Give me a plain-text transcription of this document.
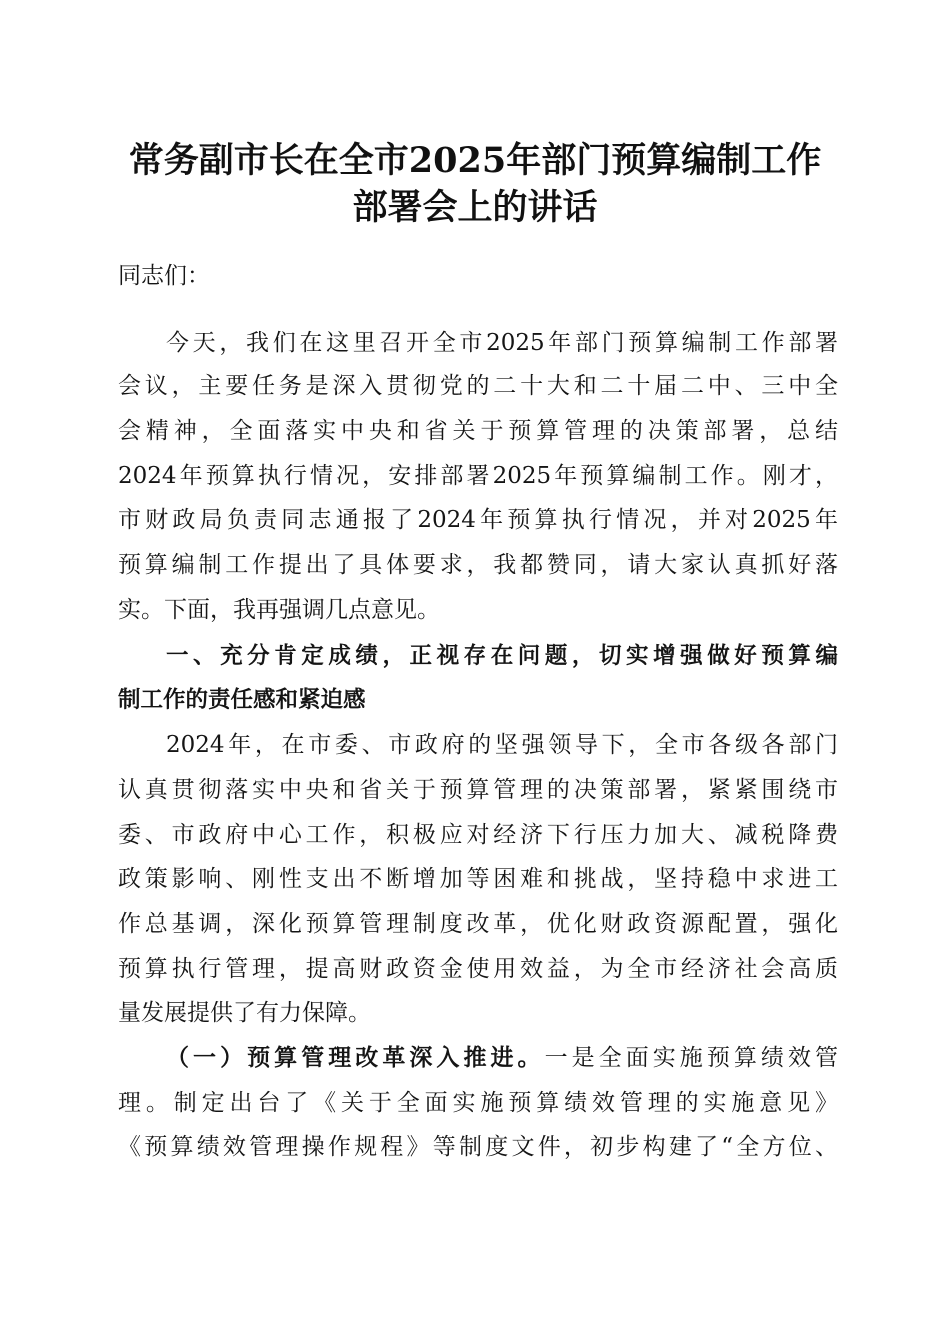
常务副市长在全市2025年部门预算编制工作
部署会上的讲话
同志们：
今天，我们在这里召开全市2025年部门预算编制工作部署
会议，主要任务是深入贯彻党的二十大和二十届二中、三中全
会精神，全面落实中央和省关于预算管理的决策部署，总结
2024年预算执行情况，安排部署2025年预算编制工作。刚才，
市财政局负责同志通报了2024年预算执行情况，并对2025年
预算编制工作提出了具体要求，我都赞同，请大家认真抓好落
实。下面，我再强调几点意见。
一、充分肯定成绩，正视存在问题，切实增强做好预算编
制工作的责任感和紧迫感
2024年，在市委、市政府的坚强领导下，全市各级各部门
认真贯彻落实中央和省关于预算管理的决策部署，紧紧围绕市
委、市政府中心工作，积极应对经济下行压力加大、减税降费
政策影响、刚性支出不断增加等困难和挑战，坚持稳中求进工
作总基调，深化预算管理制度改革，优化财政资源配置，强化
预算执行管理，提高财政资金使用效益，为全市经济社会高质
量发展提供了有力保障。
（一）预算管理改革深入推进。一是全面实施预算绩效管
理。制定出台了《关于全面实施预算绩效管理的实施意见》
《预算绩效管理操作规程》等制度文件，初步构建了“全方位、
